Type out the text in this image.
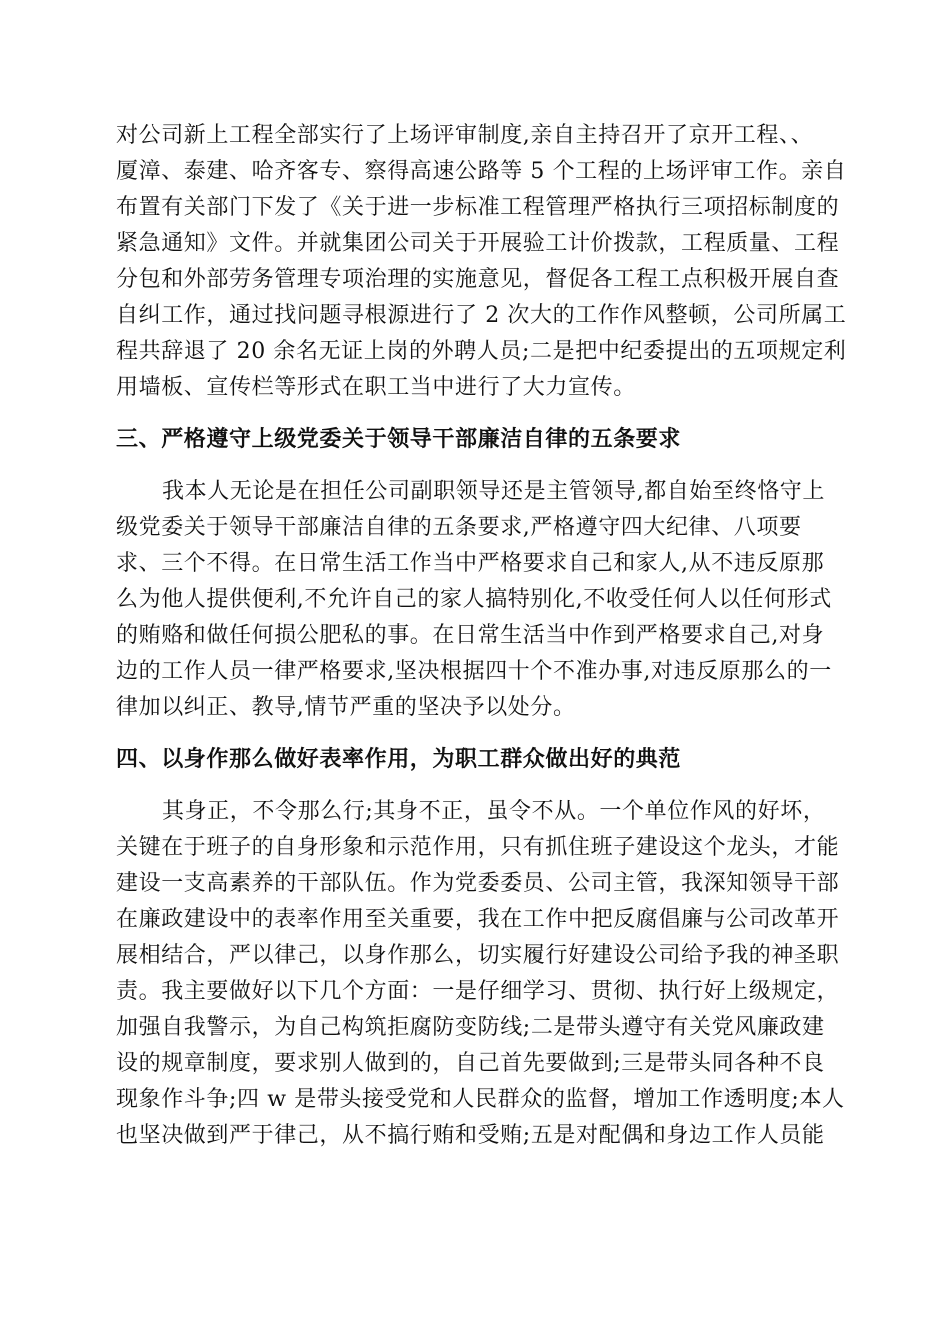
对公司新上工程全部实行了上场评审制度,亲自主持召开了京开工程、、
厦漳、泰建、哈齐客专、察得高速公路等 5 个工程的上场评审工作。亲自
布置有关部门下发了《关于进一步标准工程管理严格执行三项招标制度的
紧急通知》文件。并就集团公司关于开展验工计价拨款，工程质量、工程
分包和外部劳务管理专项治理的实施意见，督促各工程工点积极开展自查
自纠工作，通过找问题寻根源进行了 2 次大的工作作风整顿，公司所属工
程共辞退了 20 余名无证上岗的外聘人员;二是把中纪委提出的五项规定利
用墙板、宣传栏等形式在职工当中进行了大力宣传。
三、严格遵守上级党委关于领导干部廉洁自律的五条要求
我本人无论是在担任公司副职领导还是主管领导,都自始至终恪守上
级党委关于领导干部廉洁自律的五条要求,严格遵守四大纪律、八项要
求、三个不得。在日常生活工作当中严格要求自己和家人,从不违反原那
么为他人提供便利,不允许自己的家人搞特别化,不收受任何人以任何形式
的贿赂和做任何损公肥私的事。在日常生活当中作到严格要求自己,对身
边的工作人员一律严格要求,坚决根据四十个不准办事,对违反原那么的一
律加以纠正、教导,情节严重的坚决予以处分。
四、以身作那么做好表率作用，为职工群众做出好的典范
其身正，不令那么行;其身不正，虽令不从。一个单位作风的好坏，
关键在于班子的自身形象和示范作用，只有抓住班子建设这个龙头，才能
建设一支高素养的干部队伍。作为党委委员、公司主管，我深知领导干部
在廉政建设中的表率作用至关重要，我在工作中把反腐倡廉与公司改革开
展相结合，严以律己，以身作那么，切实履行好建设公司给予我的神圣职
责。我主要做好以下几个方面：一是仔细学习、贯彻、执行好上级规定，
加强自我警示，为自己构筑拒腐防变防线;二是带头遵守有关党风廉政建
设的规章制度，要求别人做到的，自己首先要做到;三是带头同各种不良
现象作斗争;四 w 是带头接受党和人民群众的监督，增加工作透明度;本人
也坚决做到严于律己，从不搞行贿和受贿;五是对配偶和身边工作人员能
